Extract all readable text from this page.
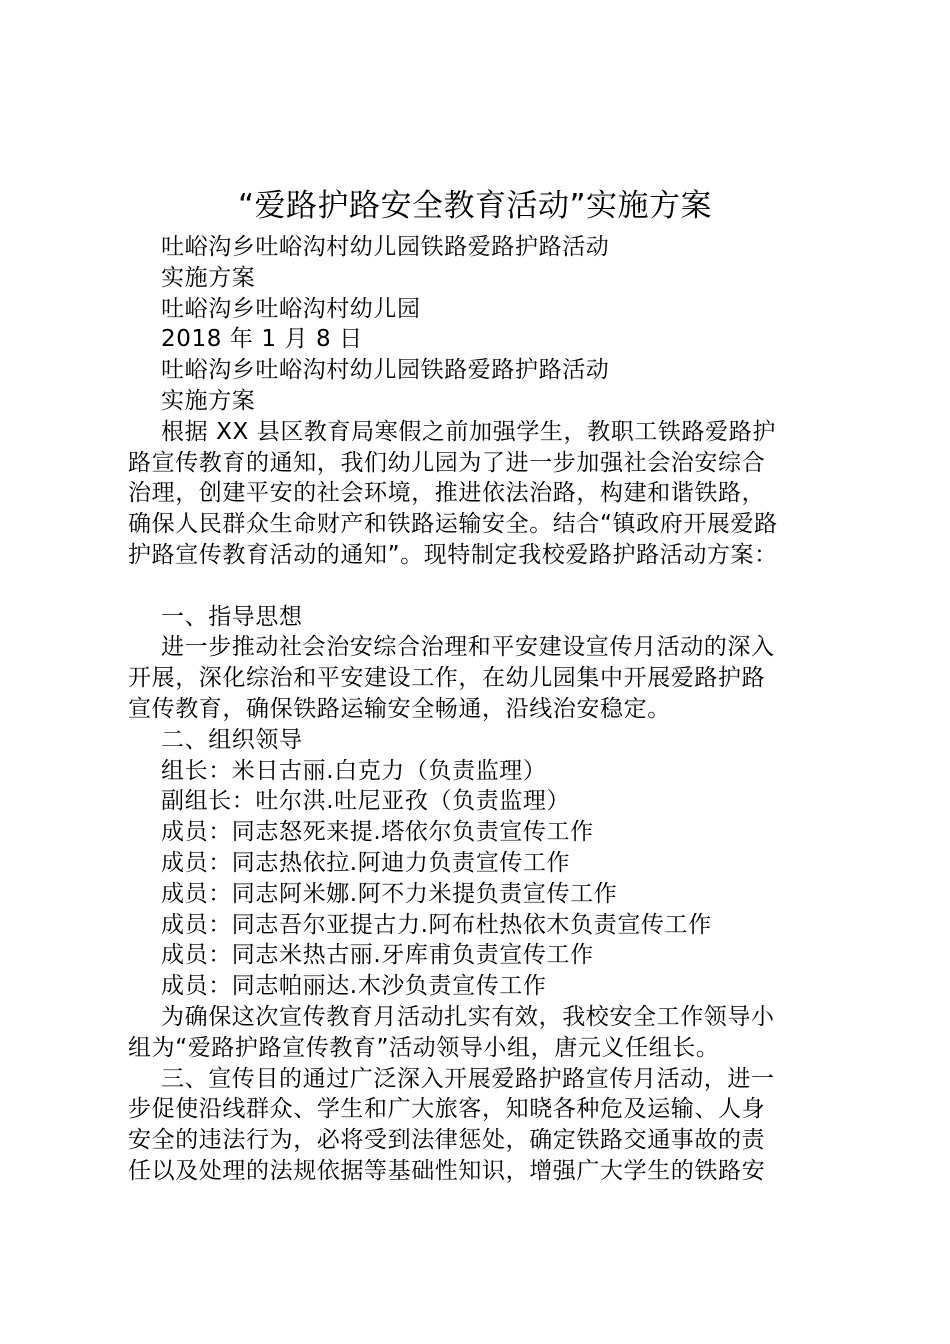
“爱路护路安全教育活动”实施方案

吐峪沟乡吐峪沟村幼儿园铁路爱路护路活动

实施方案

吐峪沟乡吐峪沟村幼儿园

2018 年 1 月 8 日

吐峪沟乡吐峪沟村幼儿园铁路爱路护路活动

实施方案

根据 XX 县区教育局寒假之前加强学生，教职工铁路爱路护

路宣传教育的通知，我们幼儿园为了进一步加强社会治安综合

治理，创建平安的社会环境，推进依法治路，构建和谐铁路，

确保人民群众生命财产和铁路运输安全。结合“镇政府开展爱路

护路宣传教育活动的通知”。现特制定我校爱路护路活动方案：

一、指导思想

进一步推动社会治安综合治理和平安建设宣传月活动的深入

开展，深化综治和平安建设工作，在幼儿园集中开展爱路护路

宣传教育，确保铁路运输安全畅通，沿线治安稳定。

二、组织领导

组长：米日古丽.白克力（负责监理）

副组长：吐尔洪.吐尼亚孜（负责监理）

成员：同志怒死来提.塔依尔负责宣传工作

成员：同志热依拉.阿迪力负责宣传工作

成员：同志阿米娜.阿不力米提负责宣传工作

成员：同志吾尔亚提古力.阿布杜热依木负责宣传工作

成员：同志米热古丽.牙库甫负责宣传工作

成员：同志帕丽达.木沙负责宣传工作

为确保这次宣传教育月活动扎实有效，我校安全工作领导小

组为“爱路护路宣传教育”活动领导小组，唐元义任组长。

三、宣传目的通过广泛深入开展爱路护路宣传月活动，进一

步促使沿线群众、学生和广大旅客，知晓各种危及运输、人身

安全的违法行为，必将受到法律惩处，确定铁路交通事故的责

任以及处理的法规依据等基础性知识，增强广大学生的铁路安
